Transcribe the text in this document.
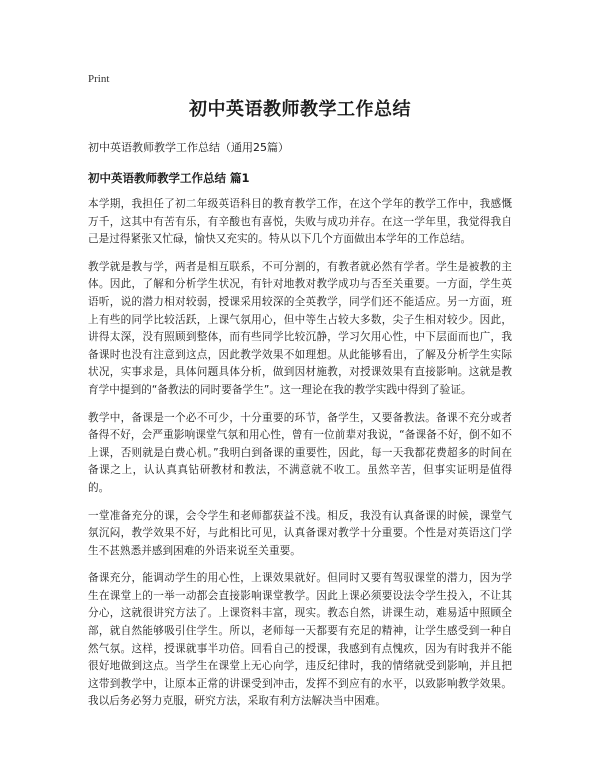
Print
初中英语教师教学工作总结
初中英语教师教学工作总结（通用25篇）
初中英语教师教学工作总结 篇1

本学期，我担任了初二年级英语科目的教育教学工作，在这个学年的教学工作中，我感慨万千，这其中有苦有乐，有辛酸也有喜悦，失败与成功并存。在这一学年里，我觉得我自己是过得紧张又忙碌，愉快又充实的。特从以下几个方面做出本学年的工作总结。

教学就是教与学，两者是相互联系，不可分割的，有教者就必然有学者。学生是被教的主体。因此，了解和分析学生状况，有针对地教对教学成功与否至关重要。一方面，学生英语听，说的潜力相对较弱，授课采用较深的全英教学，同学们还不能适应。另一方面，班上有些的同学比较活跃，上课气氛用心，但中等生占较大多数，尖子生相对较少。因此，讲得太深，没有照顾到整体，而有些同学比较沉静，学习欠用心性，中下层面而也广，我备课时也没有注意到这点，因此教学效果不如理想。从此能够看出，了解及分析学生实际状况，实事求是，具体问题具体分析，做到因材施教，对授课效果有直接影响。这就是教育学中提到的“备教法的同时要备学生”。这一理论在我的教学实践中得到了验证。

教学中，备课是一个必不可少，十分重要的环节，备学生，又要备教法。备课不充分或者备得不好，会严重影响课堂气氛和用心性，曾有一位前辈对我说，“备课备不好，倒不如不上课，否则就是白费心机。”我明白到备课的重要性，因此，每一天我都花费超多的时间在备课之上，认认真真钻研教材和教法，不满意就不收工。虽然辛苦，但事实证明是值得的。

一堂准备充分的课，会令学生和老师都获益不浅。相反，我没有认真备课的时候，课堂气氛沉闷，教学效果不好，与此相比可见，认真备课对教学十分重要。个性是对英语这门学生不甚熟悉并感到困难的外语来说至关重要。

备课充分，能调动学生的用心性，上课效果就好。但同时又要有驾驭课堂的潜力，因为学生在课堂上的一举一动都会直接影响课堂教学。因此上课必须要设法令学生投入，不让其分心，这就很讲究方法了。上课资料丰富，现实。教态自然，讲课生动，难易适中照顾全部，就自然能够吸引住学生。所以，老师每一天都要有充足的精神，让学生感受到一种自然气氛。这样，授课就事半功倍。回看自己的授课，我感到有点愧疚，因为有时我并不能很好地做到这点。当学生在课堂上无心向学，违反纪律时，我的情绪就受到影响，并且把这带到教学中，让原本正常的讲课受到冲击，发挥不到应有的水平，以致影响教学效果。我以后务必努力克服，研究方法，采取有利方法解决当中困难。
